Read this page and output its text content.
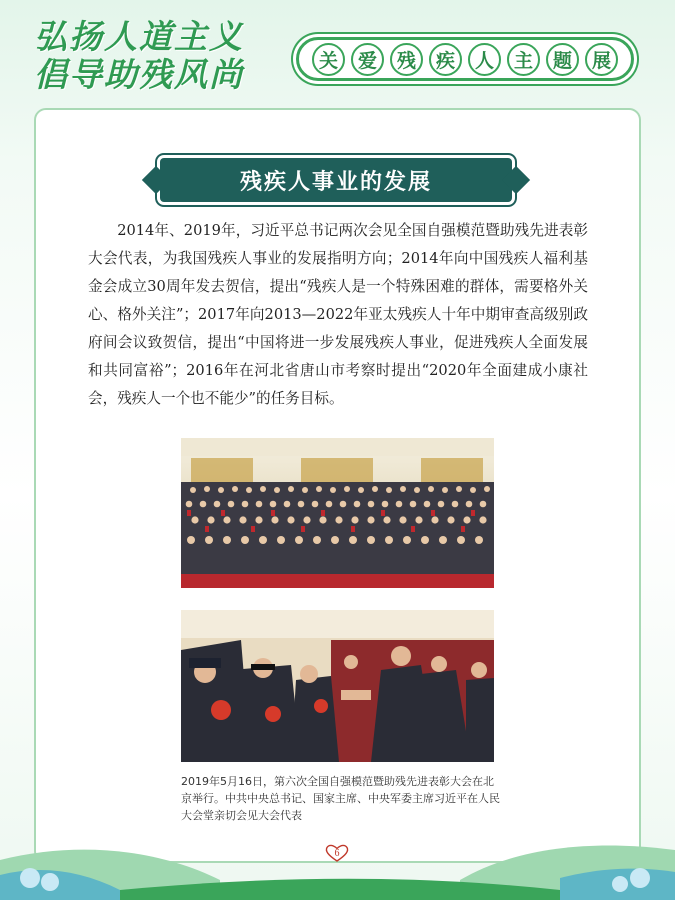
弘扬人道主义
倡导助残风尚	关	爱	残	疾	人	主	题	展
残疾人事业的发展

2014年、2019年，习近平总书记两次会见全国自强模范暨助残先进表彰大会代表，为我国残疾人事业的发展指明方向；2014年向中国残疾人福利基金会成立30周年发去贺信，提出“残疾人是一个特殊困难的群体，需要格外关心、格外关注”；2017年向2013—2022年亚太残疾人十年中期审查高级别政府间会议致贺信，提出“中国将进一步发展残疾人事业，促进残疾人全面发展和共同富裕”；2016年在河北省唐山市考察时提出“2020年全面建成小康社会，残疾人一个也不能少”的任务目标。

2019年5月16日，第六次全国自强模范暨助残先进表彰大会在北京举行。中共中央总书记、国家主席、中央军委主席习近平在人民大会堂亲切会见大会代表

6
